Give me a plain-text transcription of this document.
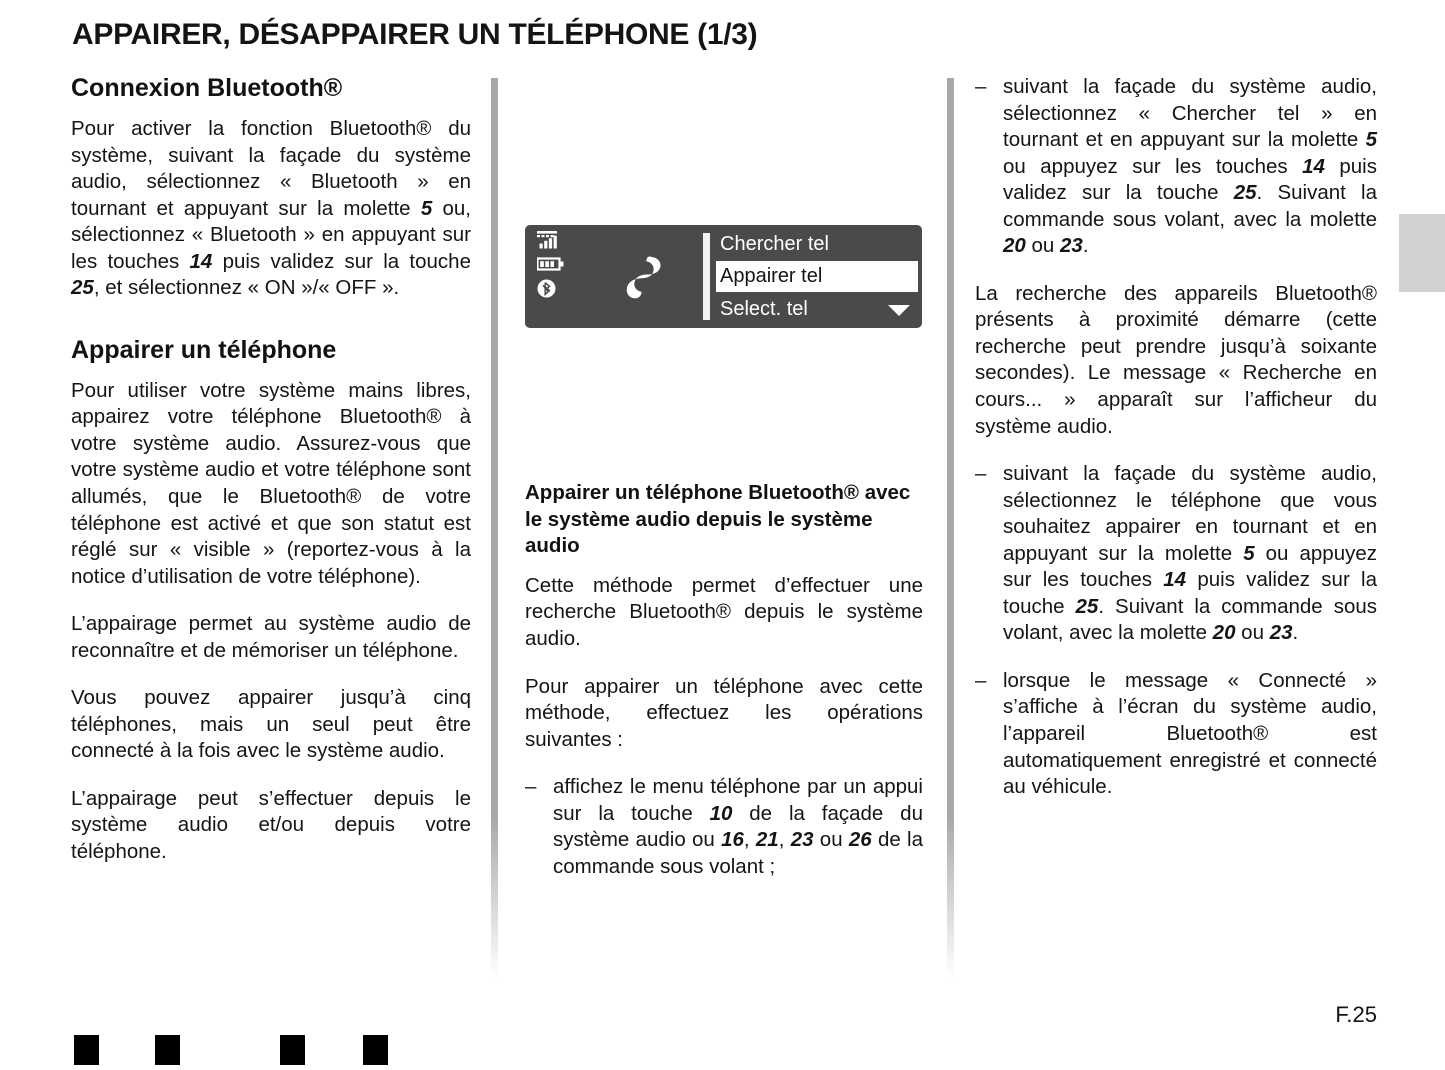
APPAIRER, DÉSAPPAIRER UN TÉLÉPHONE (1/3)
Connexion Bluetooth®

Pour activer la fonction Bluetooth® du système, suivant la façade du système audio, sélectionnez « Bluetooth » en tournant et appuyant sur la molette 5 ou, sélectionnez « Bluetooth » en appuyant sur les touches 14 puis validez sur la touche 25, et sélectionnez « ON »/« OFF ».

Appairer un téléphone

Pour utiliser votre système mains libres, appairez votre téléphone Bluetooth® à votre système audio. Assurez-vous que votre système audio et votre téléphone sont allumés, que le Bluetooth® de votre téléphone est activé et que son statut est réglé sur « visible » (reportez-vous à la notice d’utilisation de votre téléphone).

L’appairage permet au système audio de reconnaître et de mémoriser un téléphone.

Vous pouvez appairer jusqu’à cinq téléphones, mais un seul peut être connecté à la fois avec le système audio.

L’appairage peut s’effectuer depuis le système audio et/ou depuis votre téléphone.

Chercher tel
Appairer tel
Select. tel
Appairer un téléphone Bluetooth® avec le système audio depuis le système audio

Cette méthode permet d’effectuer une recherche Bluetooth® depuis le système audio.

Pour appairer un téléphone avec cette méthode, effectuez les opérations suivantes :

– affichez le menu téléphone par un appui sur la touche 10 de la façade du système audio ou 16, 21, 23 ou 26 de la commande sous volant ;
– suivant la façade du système audio, sélectionnez « Chercher tel » en tournant et en appuyant sur la molette 5 ou appuyez sur les touches 14 puis validez sur la touche 25. Suivant la commande sous volant, avec la molette 20 ou 23.

La recherche des appareils Bluetooth® présents à proximité démarre (cette recherche peut prendre jusqu’à soixante secondes). Le message « Recherche en cours... » apparaît sur l’afficheur du système audio.

– suivant la façade du système audio, sélectionnez le téléphone que vous souhaitez appairer en tournant et en appuyant sur la molette 5 ou appuyez sur les touches 14 puis validez sur la touche 25. Suivant la commande sous volant, avec la molette 20 ou 23.
– lorsque le message « Connecté » s’affiche à l’écran du système audio, l’appareil Bluetooth® est automatiquement enregistré et connecté au véhicule.
F.25
